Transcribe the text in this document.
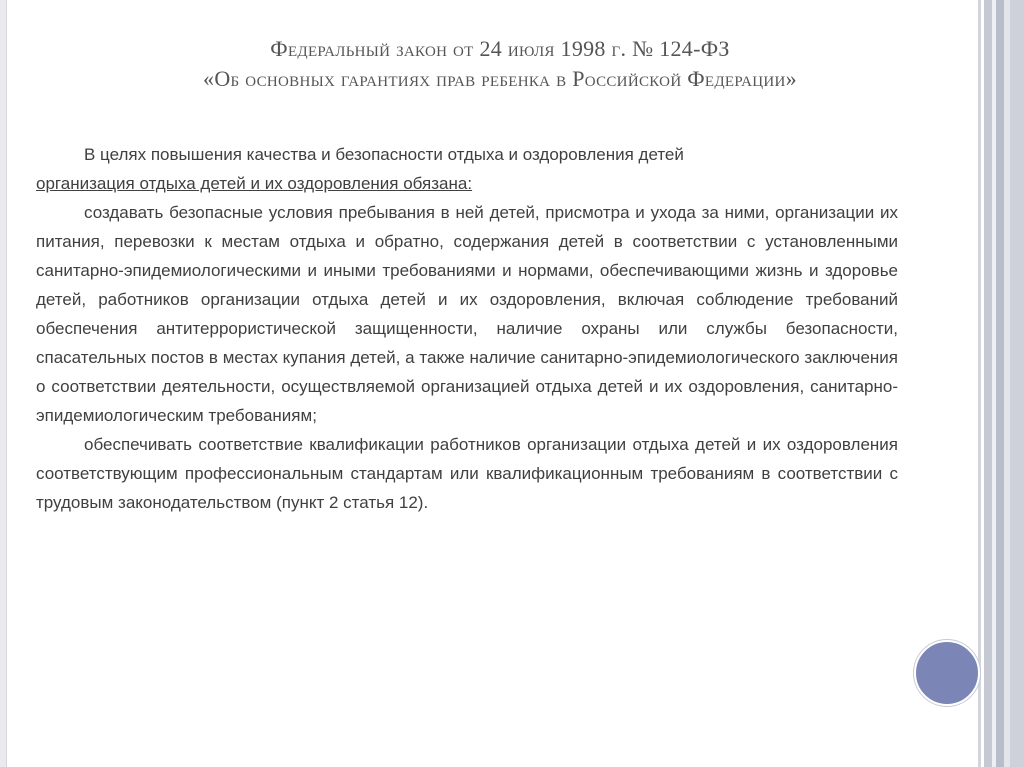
Федеральный закон от 24 июля 1998 г. № 124-ФЗ
«Об основных гарантиях прав ребенка в Российской Федерации»

В целях повышения качества и безопасности отдыха и оздоровления детей

организация отдыха детей и их оздоровления обязана:

создавать безопасные условия пребывания в ней детей, присмотра и ухода за ними, организации их питания, перевозки к местам отдыха и обратно, содержания детей в соответствии с установленными санитарно-эпидемиологическими и иными требованиями и нормами, обеспечивающими жизнь и здоровье детей, работников организации отдыха детей и их оздоровления, включая соблюдение требований обеспечения антитеррористической защищенности, наличие охраны или службы безопасности, спасательных постов в местах купания детей, а также наличие санитарно-эпидемиологического заключения о соответствии деятельности, осуществляемой организацией отдыха детей и их оздоровления, санитарно-эпидемиологическим требованиям;

обеспечивать соответствие квалификации работников организации отдыха детей и их оздоровления соответствующим профессиональным стандартам или квалификационным требованиям в соответствии с трудовым законодательством (пункт 2 статья 12).
